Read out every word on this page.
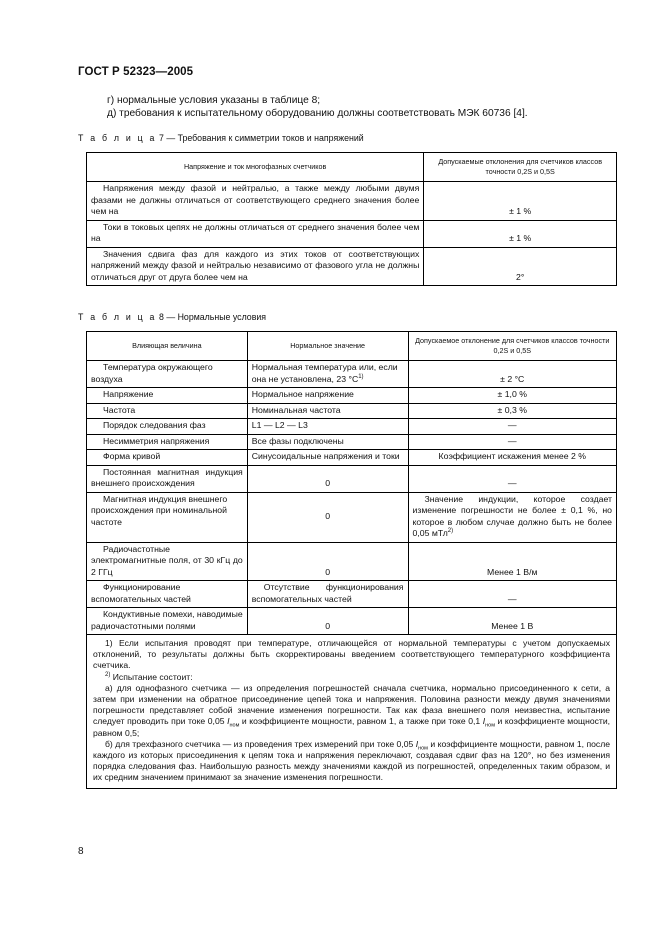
ГОСТ Р 52323—2005
г) нормальные условия указаны в таблице 8;
д) требования к испытательному оборудованию должны соответствовать МЭК 60736 [4].
Т а б л и ц а 7 — Требования к симметрии токов и напряжений
Напряжение и ток многофазных счетчиков	Допускаемые отклонения для счетчиков классов точности 0,2S и 0,5S
Напряжения между фазой и нейтралью, а также между любыми двумя фазами не должны отличаться от соответствующего среднего значения более чем на	± 1 %
Токи в токовых цепях не должны отличаться от среднего значения более чем на	± 1 %
Значения сдвига фаз для каждого из этих токов от соответствующих напряжений между фазой и нейтралью независимо от фазового угла не должны отличаться друг от друга более чем на	2°
Т а б л и ц а 8 — Нормальные условия
Влияющая величина	Нормальное значение	Допускаемое отклонение для счетчиков классов точности 0,2S и 0,5S
Температура окружающего воздуха	Нормальная температура или, если она не установлена, 23 $^\circ С^{1)}$	± 2 °С
Напряжение	Нормальное напряжение	± 1,0 %
Частота	Номинальная частота	± 0,3 %
Порядок следования фаз	L1 — L2 — L3	—
Несимметрия напряжения	Все фазы подключены	—
Форма кривой	Синусоидальные напряжения и токи	Коэффициент искажения менее 2 %
Постоянная магнитная индукция внешнего происхождения	0	—
Магнитная индукция внешнего происхождения при номинальной частоте	0	Значение индукции, которое создает изменение погрешности не более ± 0,1 %, но которое в любом случае должно быть не более 0,05 мТл$^{2)}$
Радиочастотные электромагнитные поля, от 30 кГц до 2 ГГц	0	Менее 1 В/м
Функционирование вспомогательных частей	Отсутствие функционирования вспомогательных частей	—
Кондуктивные помехи, наводимые радиочастотными полями	0	Менее 1 В

1) Если испытания проводят при температуре, отличающейся от нормальной температуры с учетом допускаемых отклонений, то результаты должны быть скорректированы введением соответствующего температурного коэффициента счетчика.

$^{2)}$ Испытание состоит:

а) для однофазного счетчика — из определения погрешностей сначала счетчика, нормально присоединенного к сети, а затем при изменении на обратное присоединение цепей тока и напряжения. Половина разности между двумя значениями погрешности представляет собой значение изменения погрешности. Так как фаза внешнего поля неизвестна, испытание следует проводить при токе 0,05 $I_{ном}$ и коэффициенте мощности, равном 1, а также при токе 0,1 $I_{ном}$ и коэффициенте мощности, равном 0,5;

б) для трехфазного счетчика — из проведения трех измерений при токе 0,05 $I_{ном}$ и коэффициенте мощности, равном 1, после каждого из которых присоединения к цепям тока и напряжения переключают, создавая сдвиг фаз на 120°, но без изменения порядка следования фаз. Наибольшую разность между значениями каждой из погрешностей, определенных таким образом, и их средним значением принимают за значение изменения погрешности.		

8
